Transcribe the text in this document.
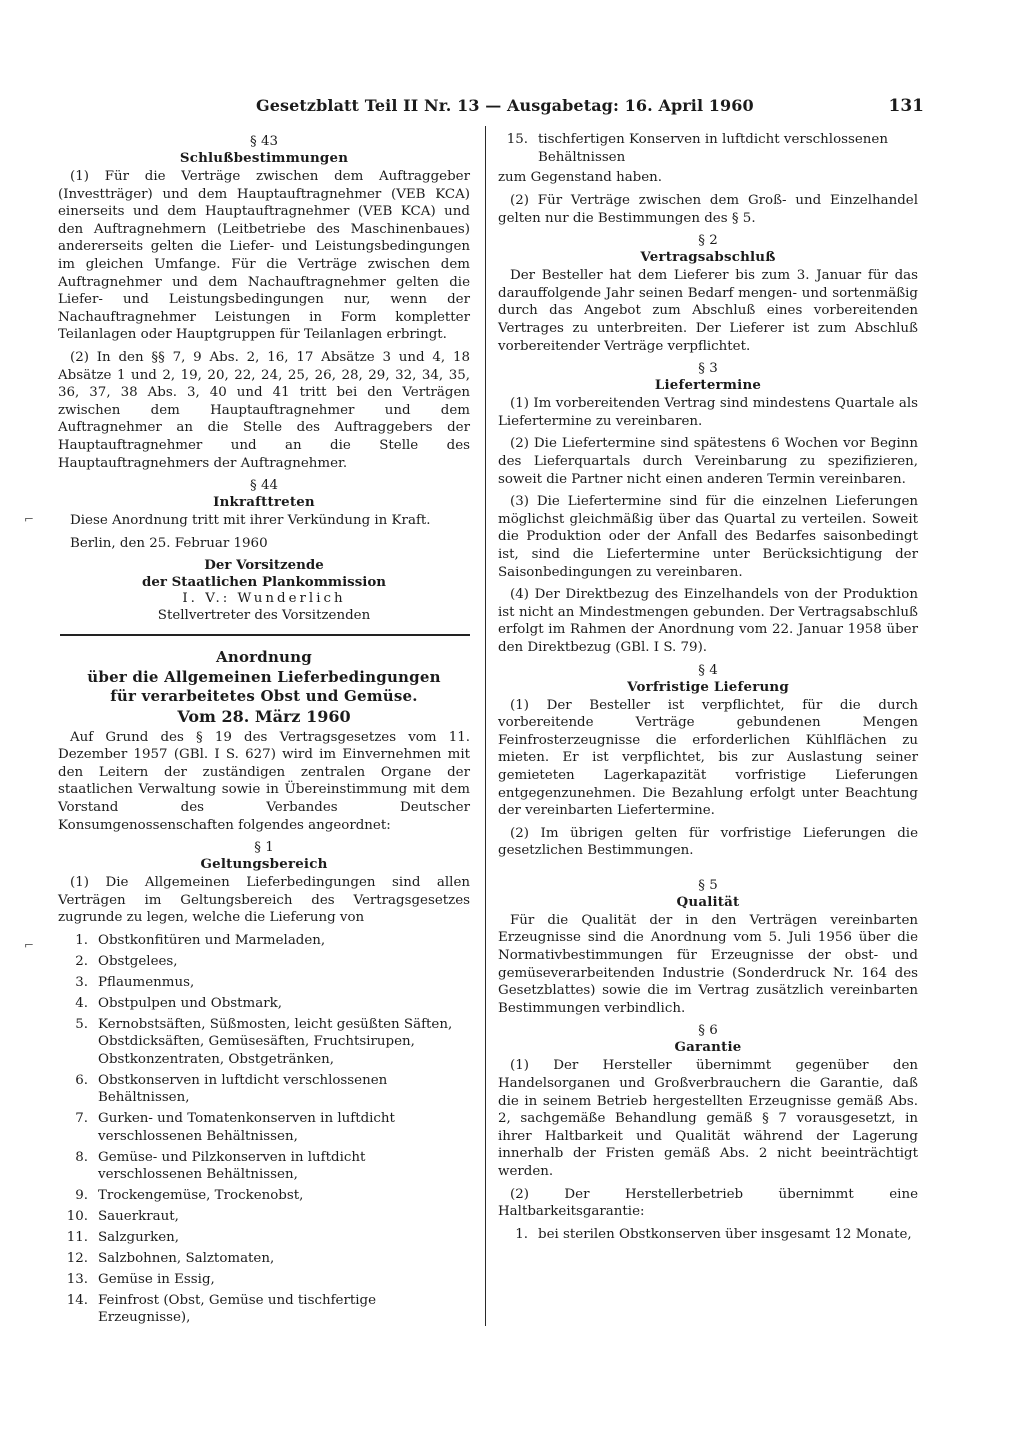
Gesetzblatt Teil II Nr. 13 — Ausgabetag: 16. April 1960	131
§ 43
Schlußbestimmungen

(1) Für die Verträge zwischen dem Auftraggeber (Investträger) und dem Hauptauftragnehmer (VEB KCA) einerseits und dem Hauptauftragnehmer (VEB KCA) und den Auftragnehmern (Leitbetriebe des Maschinenbaues) andererseits gelten die Liefer- und Leistungsbedingungen im gleichen Umfange. Für die Verträge zwischen dem Auftragnehmer und dem Nachauftragnehmer gelten die Liefer- und Leistungsbedingungen nur, wenn der Nachauftragnehmer Leistungen in Form kompletter Teilanlagen oder Hauptgruppen für Teilanlagen erbringt.

(2) In den §§ 7, 9 Abs. 2, 16, 17 Absätze 3 und 4, 18 Absätze 1 und 2, 19, 20, 22, 24, 25, 26, 28, 29, 32, 34, 35, 36, 37, 38 Abs. 3, 40 und 41 tritt bei den Verträgen zwischen dem Hauptauftragnehmer und dem Auftragnehmer an die Stelle des Auftraggebers der Hauptauftragnehmer und an die Stelle des Hauptauftragnehmers der Auftragnehmer.

§ 44
Inkrafttreten

Diese Anordnung tritt mit ihrer Verkündung in Kraft.

Berlin, den 25. Februar 1960

Der Vorsitzende
der Staatlichen Plankommission
I. V.: Wunderlich
Stellvertreter des Vorsitzenden
Anordnung
über die Allgemeinen Lieferbedingungen
für verarbeitetes Obst und Gemüse.
Vom 28. März 1960

Auf Grund des § 19 des Vertragsgesetzes vom 11. Dezember 1957 (GBl. I S. 627) wird im Einvernehmen mit den Leitern der zuständigen zentralen Organe der staatlichen Verwaltung sowie in Übereinstimmung mit dem Vorstand des Verbandes Deutscher Konsumgenossenschaften folgendes angeordnet:

§ 1
Geltungsbereich

(1) Die Allgemeinen Lieferbedingungen sind allen Verträgen im Geltungsbereich des Vertragsgesetzes zugrunde zu legen, welche die Lieferung von

1. Obstkonfitüren und Marmeladen,
2. Obstgelees,
3. Pflaumenmus,
4. Obstpulpen und Obstmark,
5. Kernobstsäften, Süßmosten, leicht gesüßten Säften, Obstdicksäften, Gemüsesäften, Fruchtsirupen, Obstkonzentraten, Obstgetränken,
6. Obstkonserven in luftdicht verschlossenen Behältnissen,
7. Gurken- und Tomatenkonserven in luftdicht verschlossenen Behältnissen,
8. Gemüse- und Pilzkonserven in luftdicht verschlossenen Behältnissen,
9. Trockengemüse, Trockenobst,
10. Sauerkraut,
11. Salzgurken,
12. Salzbohnen, Salztomaten,
13. Gemüse in Essig,
14. Feinfrost (Obst, Gemüse und tischfertige Erzeugnisse),
15. tischfertigen Konserven in luftdicht verschlossenen Behältnissen

zum Gegenstand haben.

(2) Für Verträge zwischen dem Groß- und Einzelhandel gelten nur die Bestimmungen des § 5.

§ 2
Vertragsabschluß

Der Besteller hat dem Lieferer bis zum 3. Januar für das darauffolgende Jahr seinen Bedarf mengen- und sortenmäßig durch das Angebot zum Abschluß eines vorbereitenden Vertrages zu unterbreiten. Der Lieferer ist zum Abschluß vorbereitender Verträge verpflichtet.

§ 3
Liefertermine

(1) Im vorbereitenden Vertrag sind mindestens Quartale als Liefertermine zu vereinbaren.

(2) Die Liefertermine sind spätestens 6 Wochen vor Beginn des Lieferquartals durch Vereinbarung zu spezifizieren, soweit die Partner nicht einen anderen Termin vereinbaren.

(3) Die Liefertermine sind für die einzelnen Lieferungen möglichst gleichmäßig über das Quartal zu verteilen. Soweit die Produktion oder der Anfall des Bedarfes saisonbedingt ist, sind die Liefertermine unter Berücksichtigung der Saisonbedingungen zu vereinbaren.

(4) Der Direktbezug des Einzelhandels von der Produktion ist nicht an Mindestmengen gebunden. Der Vertragsabschluß erfolgt im Rahmen der Anordnung vom 22. Januar 1958 über den Direktbezug (GBl. I S. 79).

§ 4
Vorfristige Lieferung

(1) Der Besteller ist verpflichtet, für die durch vorbereitende Verträge gebundenen Mengen Feinfrosterzeugnisse die erforderlichen Kühlflächen zu mieten. Er ist verpflichtet, bis zur Auslastung seiner gemieteten Lagerkapazität vorfristige Lieferungen entgegenzunehmen. Die Bezahlung erfolgt unter Beachtung der vereinbarten Liefertermine.

(2) Im übrigen gelten für vorfristige Lieferungen die gesetzlichen Bestimmungen.

§ 5
Qualität

Für die Qualität der in den Verträgen vereinbarten Erzeugnisse sind die Anordnung vom 5. Juli 1956 über die Normativbestimmungen für Erzeugnisse der obst- und gemüseverarbeitenden Industrie (Sonderdruck Nr. 164 des Gesetzblattes) sowie die im Vertrag zusätzlich vereinbarten Bestimmungen verbindlich.

§ 6
Garantie

(1) Der Hersteller übernimmt gegenüber den Handelsorganen und Großverbrauchern die Garantie, daß die in seinem Betrieb hergestellten Erzeugnisse gemäß Abs. 2, sachgemäße Behandlung gemäß § 7 vorausgesetzt, in ihrer Haltbarkeit und Qualität während der Lagerung innerhalb der Fristen gemäß Abs. 2 nicht beeinträchtigt werden.

(2) Der Herstellerbetrieb übernimmt eine Haltbarkeitsgarantie:

1. bei sterilen Obstkonserven über insgesamt 12 Monate,
⌐
⌐
